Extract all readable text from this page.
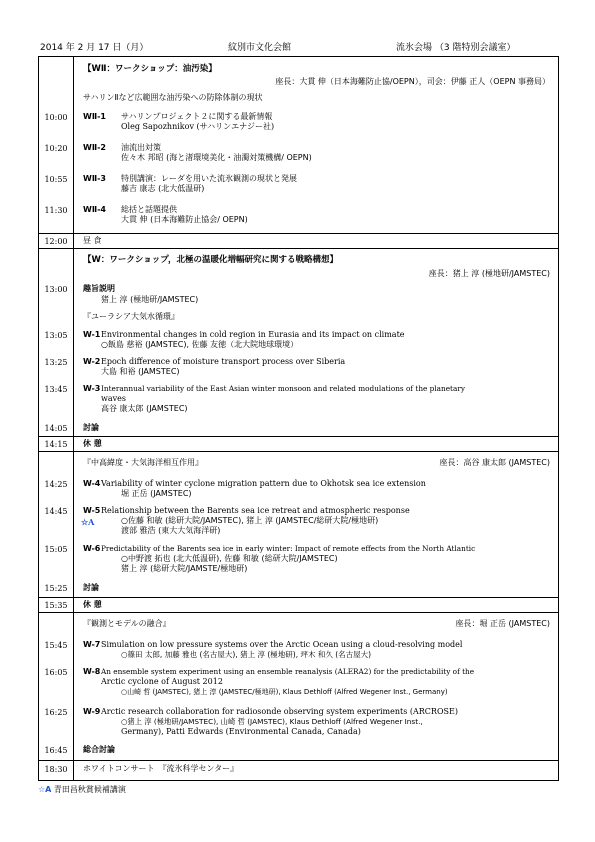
2014 年 2 月 17 日（月）	紋別市文化会館	流氷会場 （3 階特別会議室）
【WⅡ：ワークショップ：油汚染】
座長：大貫 伸（日本海難防止協/OEPN），司会：伊藤 正人（OEPN 事務局）
サハリンⅡなど広範囲な油汚染への防除体制の現状
10:00	WⅡ-1 サハリンプロジェクト２に関する最新情報
Oleg Sapozhnikov (サハリンエナジー社)
10:20	WⅡ-2 油流出対策
佐々木 邦昭 (海と渚環境美化・油濁対策機構/ OEPN)
10:55	WⅡ-3 特別講演：レーダを用いた流氷観測の現状と発展
藤吉 康志 (北大低温研)
11:30	WⅡ-4 総括と話題提供
大貫 伸 (日本海難防止協会/ OEPN)
12:00	昼 食
【W：ワークショップ，北極の温暖化増幅研究に関する戦略構想】
座長：猪上 淳 (極地研/JAMSTEC)
13:00	趣旨説明
猪上 淳 (極地研/JAMSTEC)
『ユーラシア大気水循環』
13:05	W-1 Environmental changes in cold region in Eurasia and its impact on climate
○飯島 慈裕 (JAMSTEC), 佐藤 友徳（北大院地球環境）
13:25	W-2 Epoch difference of moisture transport process over Siberia
大島 和裕 (JAMSTEC)
13:45	W-3 Interannual variability of the East Asian winter monsoon and related modulations of the planetary
waves
高谷 康太郎 (JAMSTEC)
14:05	討論
14:15	休 憩
『中高緯度・大気海洋相互作用』	座長：高谷 康太郎 (JAMSTEC)
14:25	W-4 Variability of winter cyclone migration pattern due to Okhotsk sea ice extension
堀 正岳 (JAMSTEC)
14:45	W-5 Relationship between the Barents sea ice retreat and atmospheric response
☆A	○佐藤 和敏 (総研大院/JAMSTEC), 猪上 淳 (JAMSTEC/総研大院/極地研)
渡部 雅浩 (東大大気海洋研)
15:05	W-6 Predictability of the Barents sea ice in early winter: Impact of remote effects from the North Atlantic
○中野渡 拓也 (北大低温研), 佐藤 和敏 (総研大院/JAMSTEC)
猪上 淳 (総研大院/JAMSTE/極地研)
15:25	討論
15:35	休 憩
『観測とモデルの融合』	座長：堀 正岳 (JAMSTEC)
15:45	W-7 Simulation on low pressure systems over the Arctic Ocean using a cloud-resolving model
○篠田 太郎, 加藤 雅也 (名古屋大), 猪上 淳 (極地研), 坪木 和久 (名古屋大)
16:05	W-8 An ensemble system experiment using an ensemble reanalysis (ALERA2) for the predictability of the
Arctic cyclone of August 2012
○山崎 哲 (JAMSTEC), 猪上 淳 (JAMSTEC/極地研), Klaus Dethloff (Alfred Wegener Inst., Germany)
16:25	W-9 Arctic research collaboration for radiosonde observing system experiments (ARCROSE)
○猪上 淳 (極地研/JAMSTEC), 山崎 哲 (JAMSTEC), Klaus Dethloff (Alfred Wegener Inst.,
Germany), Patti Edwards (Environmental Canada, Canada)
16:45	総合討論
18:30	ホワイトコンサート　『流氷科学センター』
☆A 青田昌秋賞候補講演
